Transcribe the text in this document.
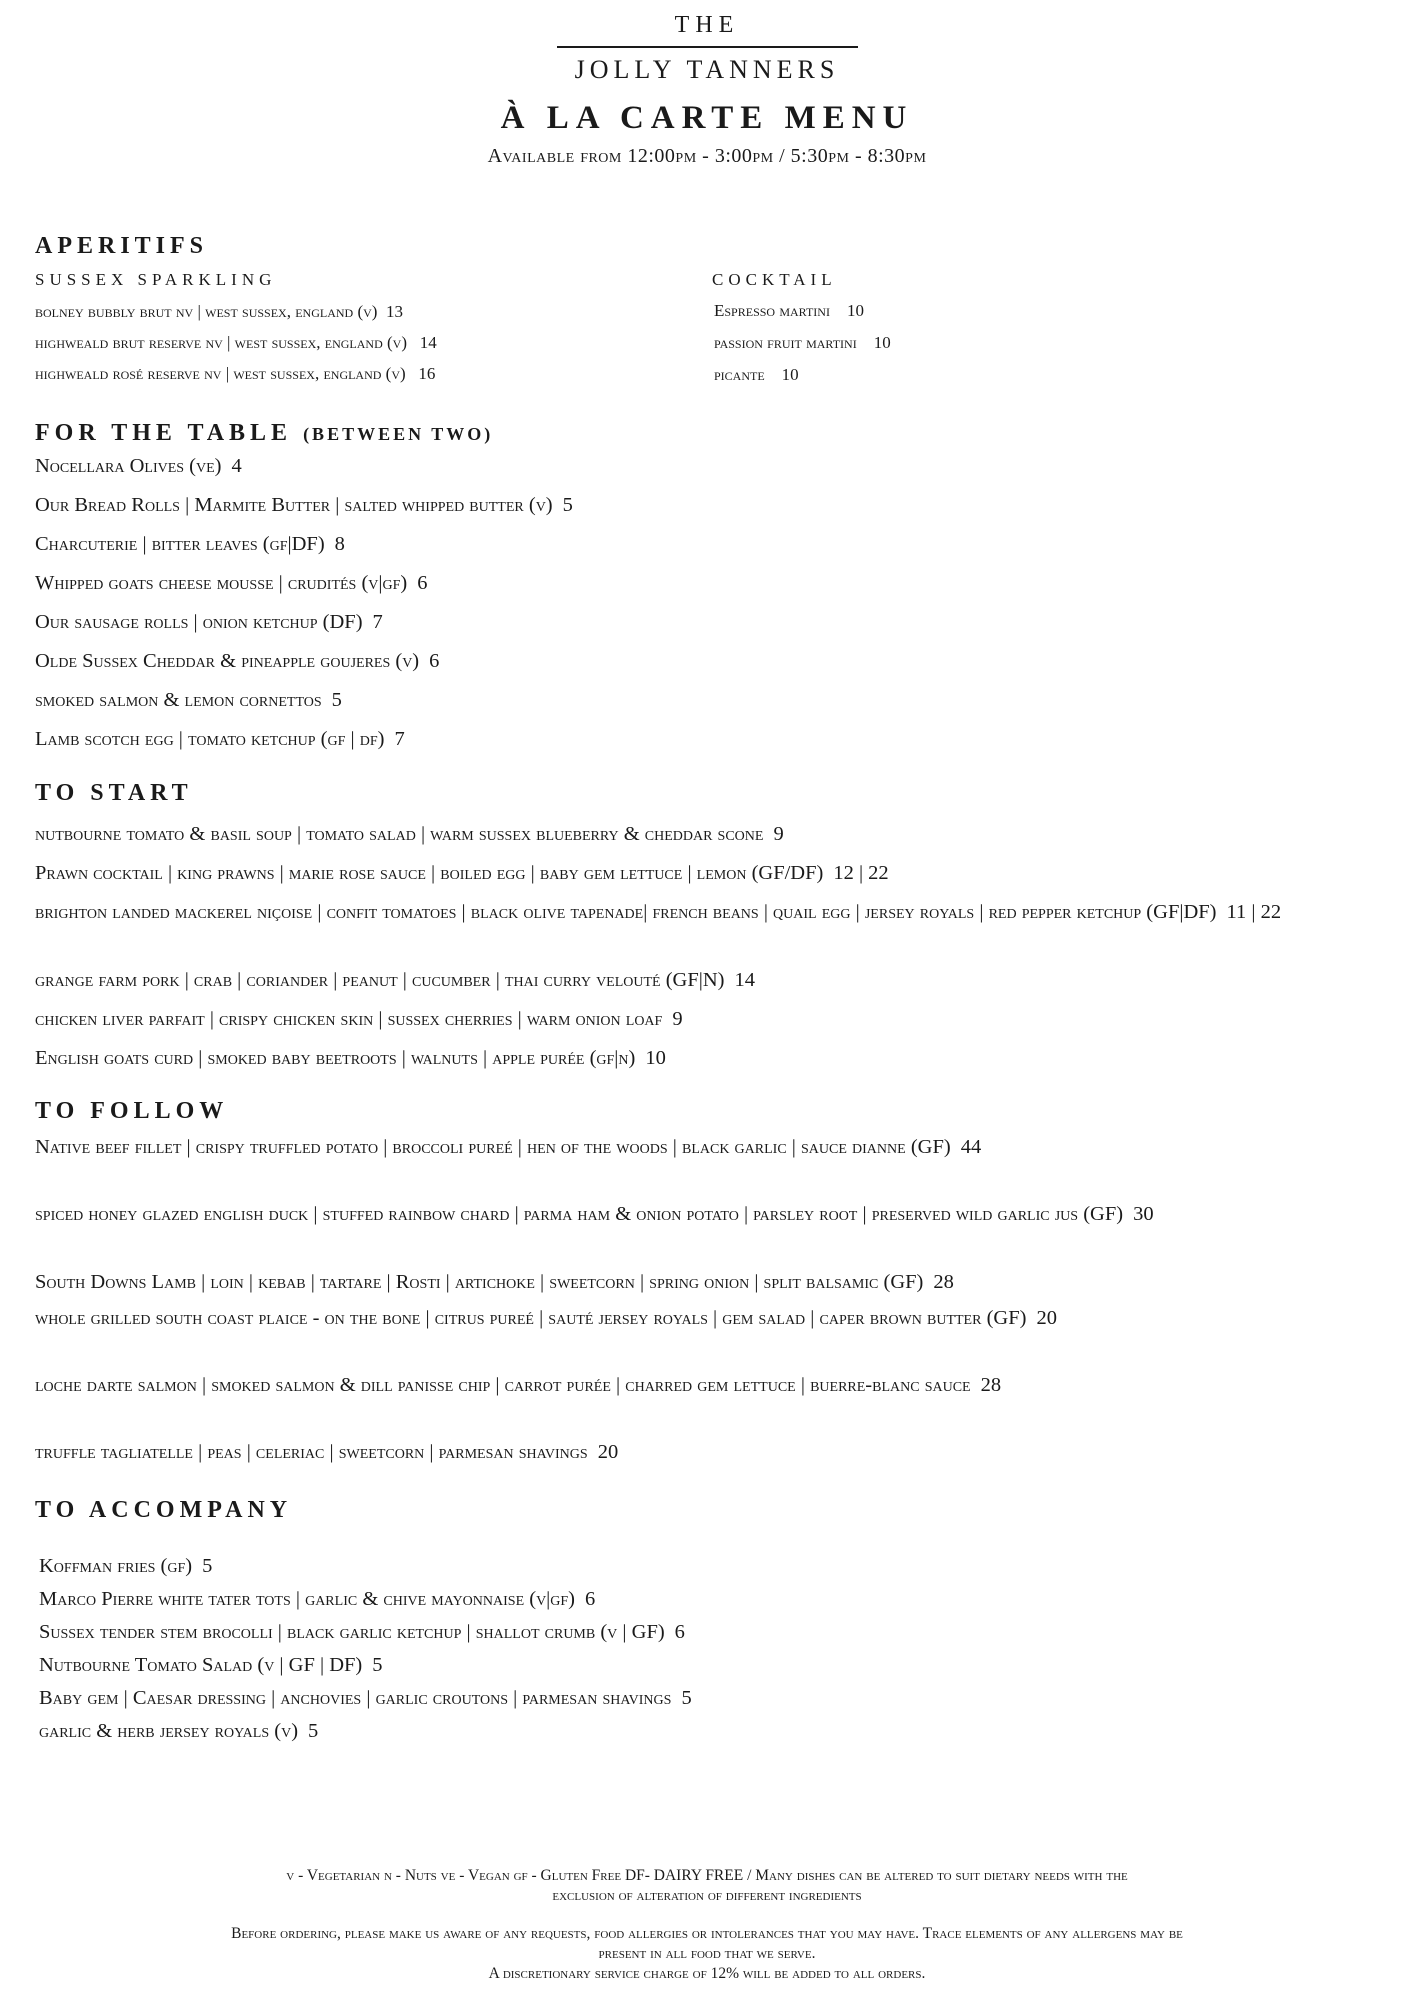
THE
JOLLY TANNERS
À LA CARTE MENU
Available from 12:00pm - 3:00pm / 5:30pm - 8:30pm
APERITIFS
SUSSEX SPARKLING	COCKTAIL
bolney bubbly brut nv | west sussex, england (v) 13
highweald brut reserve nv | west sussex, england (v) 14
highweald rosé reserve nv | west sussex, england (v) 16
Espresso martini 10
passion fruit martini 10
picante 10
FOR THE TABLE (BETWEEN TWO)
Nocellara Olives (ve) 4
Our Bread Rolls | Marmite Butter | salted whipped butter (v) 5
Charcuterie | bitter leaves (gf|DF) 8
Whipped goats cheese mousse | crudités (v|gf) 6
Our sausage rolls | onion ketchup (DF) 7
Olde Sussex Cheddar & pineapple goujeres (v) 6
smoked salmon & lemon cornettos 5
Lamb scotch egg | tomato ketchup (gf | df) 7
TO START
nutbourne tomato & basil soup | tomato salad | warm sussex blueberry & cheddar scone 9
Prawn cocktail | king prawns | marie rose sauce | boiled egg | baby gem lettuce | lemon (GF/DF) 12 | 22
brighton landed mackerel niçoise | confit tomatoes | black olive tapenade| french beans | quail egg | jersey royals | red pepper ketchup (GF|DF) 11 | 22
grange farm pork | crab | coriander | peanut | cucumber | thai curry velouté (GF|N) 14
chicken liver parfait | crispy chicken skin | sussex cherries | warm onion loaf 9
English goats curd | smoked baby beetroots | walnuts | apple purée (gf|n) 10
TO FOLLOW
Native beef fillet | crispy truffled potato | broccoli pureé | hen of the woods | black garlic | sauce dianne (GF) 44
spiced honey glazed english duck | stuffed rainbow chard | parma ham & onion potato | parsley root | preserved wild garlic jus (GF) 30
South Downs Lamb | loin | kebab | tartare | Rosti | artichoke | sweetcorn | spring onion | split balsamic (GF) 28
whole grilled south coast plaice - on the bone | citrus pureé | sauté jersey royals | gem salad | caper brown butter (GF) 20
loche darte salmon | smoked salmon & dill panisse chip | carrot purée | charred gem lettuce | buerre-blanc sauce 28
truffle tagliatelle | peas | celeriac | sweetcorn | parmesan shavings 20
TO ACCOMPANY
Koffman fries (gf) 5
Marco Pierre white tater tots | garlic & chive mayonnaise (v|gf) 6
Sussex tender stem brocolli | black garlic ketchup | shallot crumb (v | GF) 6
Nutbourne Tomato Salad (v | GF | DF) 5
Baby gem | Caesar dressing | anchovies | garlic croutons | parmesan shavings 5
garlic & herb jersey royals (v) 5
v - Vegetarian n - Nuts ve - Vegan gf - Gluten Free DF- DAIRY FREE / Many dishes can be altered to suit dietary needs with the
exclusion of alteration of different ingredients
Before ordering, please make us aware of any requests, food allergies or intolerances that you may have. Trace elements of any allergens may be
present in all food that we serve.
A discretionary service charge of 12% will be added to all orders.
